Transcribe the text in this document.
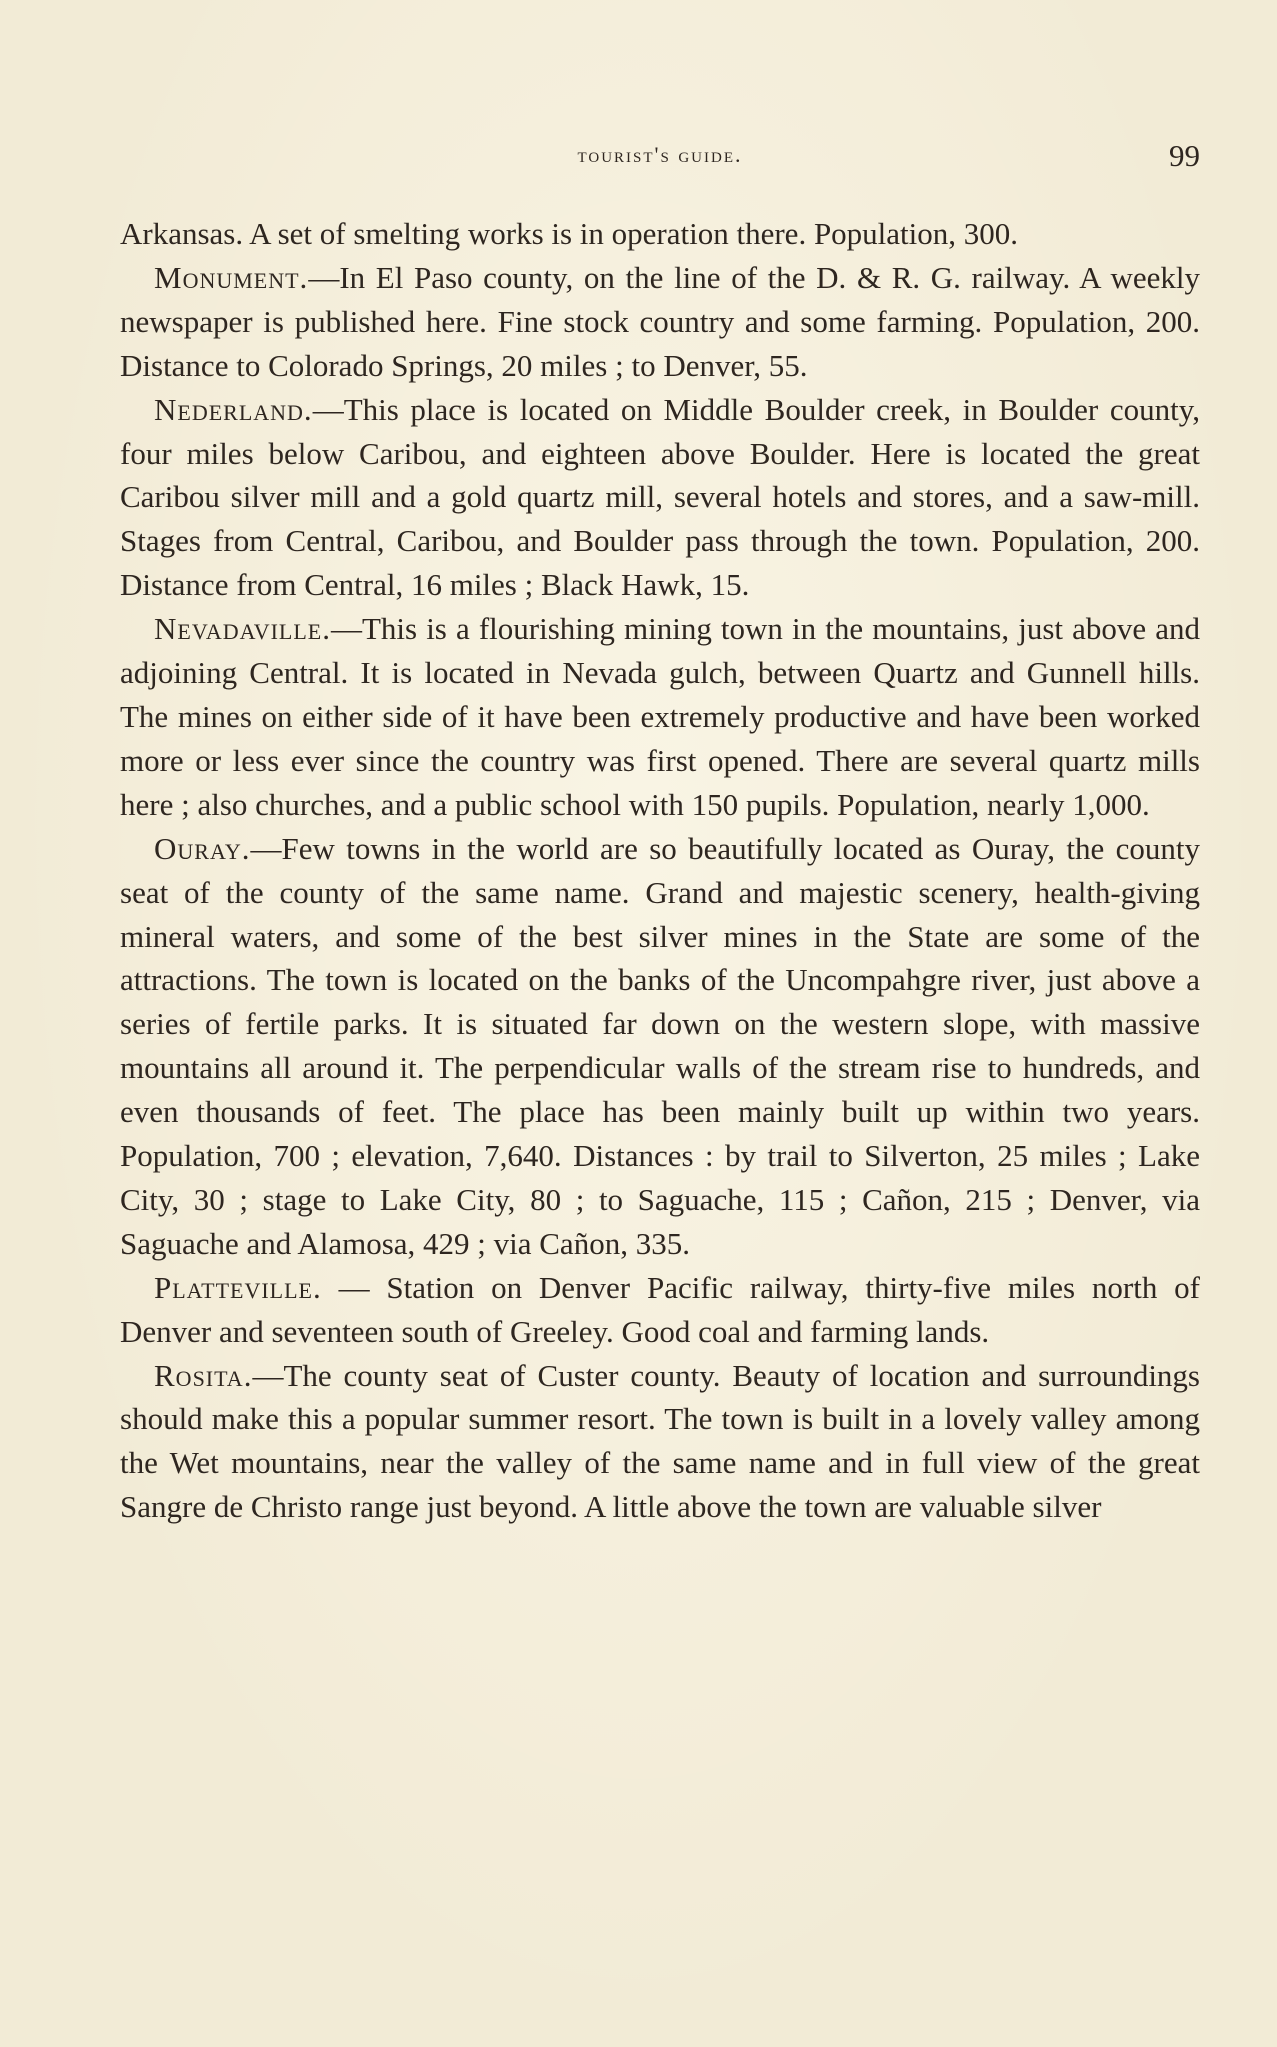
tourist's guide.	99

Arkansas. A set of smelting works is in operation there. Population, 300.

Monument.—In El Paso county, on the line of the D. & R. G. railway. A weekly newspaper is published here. Fine stock country and some farming. Population, 200. Distance to Colorado Springs, 20 miles ; to Denver, 55.

Nederland.—This place is located on Middle Boulder creek, in Boulder county, four miles below Caribou, and eighteen above Boulder. Here is located the great Caribou silver mill and a gold quartz mill, several hotels and stores, and a saw-mill. Stages from Central, Caribou, and Boulder pass through the town. Population, 200. Distance from Central, 16 miles ; Black Hawk, 15.

Nevadaville.—This is a flourishing mining town in the mountains, just above and adjoining Central. It is located in Nevada gulch, between Quartz and Gunnell hills. The mines on either side of it have been extremely productive and have been worked more or less ever since the country was first opened. There are several quartz mills here ; also churches, and a public school with 150 pupils. Population, nearly 1,000.

Ouray.—Few towns in the world are so beautifully located as Ouray, the county seat of the county of the same name. Grand and majestic scenery, health-giving mineral waters, and some of the best silver mines in the State are some of the attractions. The town is located on the banks of the Uncompahgre river, just above a series of fertile parks. It is situated far down on the western slope, with massive mountains all around it. The perpendicular walls of the stream rise to hundreds, and even thousands of feet. The place has been mainly built up within two years. Population, 700 ; elevation, 7,640. Distances : by trail to Silverton, 25 miles ; Lake City, 30 ; stage to Lake City, 80 ; to Saguache, 115 ; Cañon, 215 ; Denver, via Saguache and Alamosa, 429 ; via Cañon, 335.

Platteville. — Station on Denver Pacific railway, thirty-five miles north of Denver and seventeen south of Greeley. Good coal and farming lands.

Rosita.—The county seat of Custer county. Beauty of location and surroundings should make this a popular summer resort. The town is built in a lovely valley among the Wet mountains, near the valley of the same name and in full view of the great Sangre de Christo range just beyond. A little above the town are valuable silver
